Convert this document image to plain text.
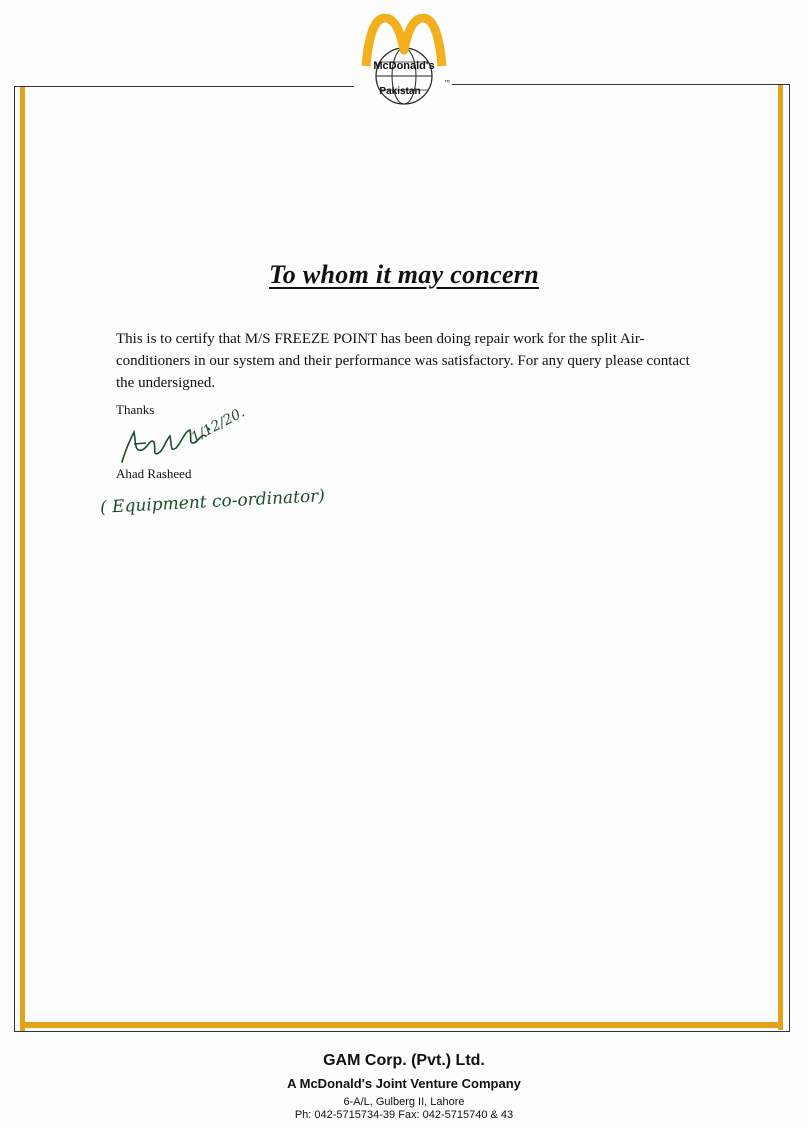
McDonald's
Pakistan
™
To whom it may concern
This is to certify that M/S FREEZE POINT has been doing repair work for the split Air-conditioners in our system and their performance was satisfactory. For any query please contact the undersigned.
Thanks 1/12/20.
Ahad Rasheed
( Equipment co-ordinator)
GAM Corp. (Pvt.) Ltd.
A McDonald's Joint Venture Company
6-A/L, Gulberg II, Lahore
Ph: 042-5715734-39 Fax: 042-5715740 & 43
